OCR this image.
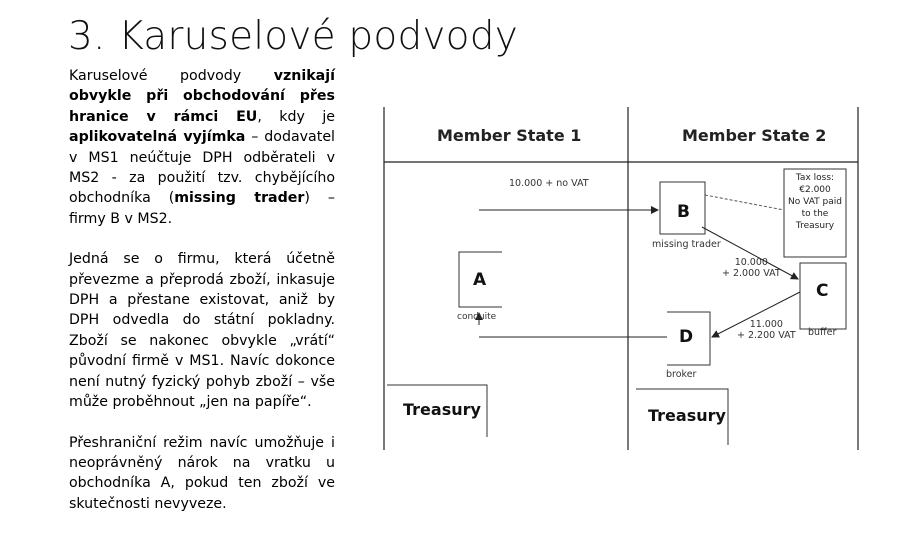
3. Karuselové podvody

Karuselové podvody vznikají obvykle při obchodování přes hranice v rámci EU, kdy je aplikovatelná vyjímka – dodavatel v MS1 neúčtuje DPH odběrateli v MS2 - za použití tzv. chybějícího obchodníka (missing trader) – firmy B v MS2.

Jedná se o firmu, která účetně převezme a přeprodá zboží, inkasuje DPH a přestane existovat, aniž by DPH odvedla do státní pokladny. Zboží se nakonec obvykle „vrátí“ původní firmě v MS1. Navíc dokonce není nutný fyzický pohyb zboží – vše může proběhnout „jen na papíře“.

Přeshraniční režim navíc umožňuje i neoprávněný nárok na vratku u obchodníka A, pokud ten zboží ve skutečnosti nevyveze.

Member State 1	Member State 2
10.000 + no VAT
A
conduite
B
missing trader
10.000
+ 2.000 VAT
C
buffer
Tax loss:
€2.000
No VAT paid
to the
Treasury
11.000
+ 2.200 VAT
D
broker
Treasury	Treasury
